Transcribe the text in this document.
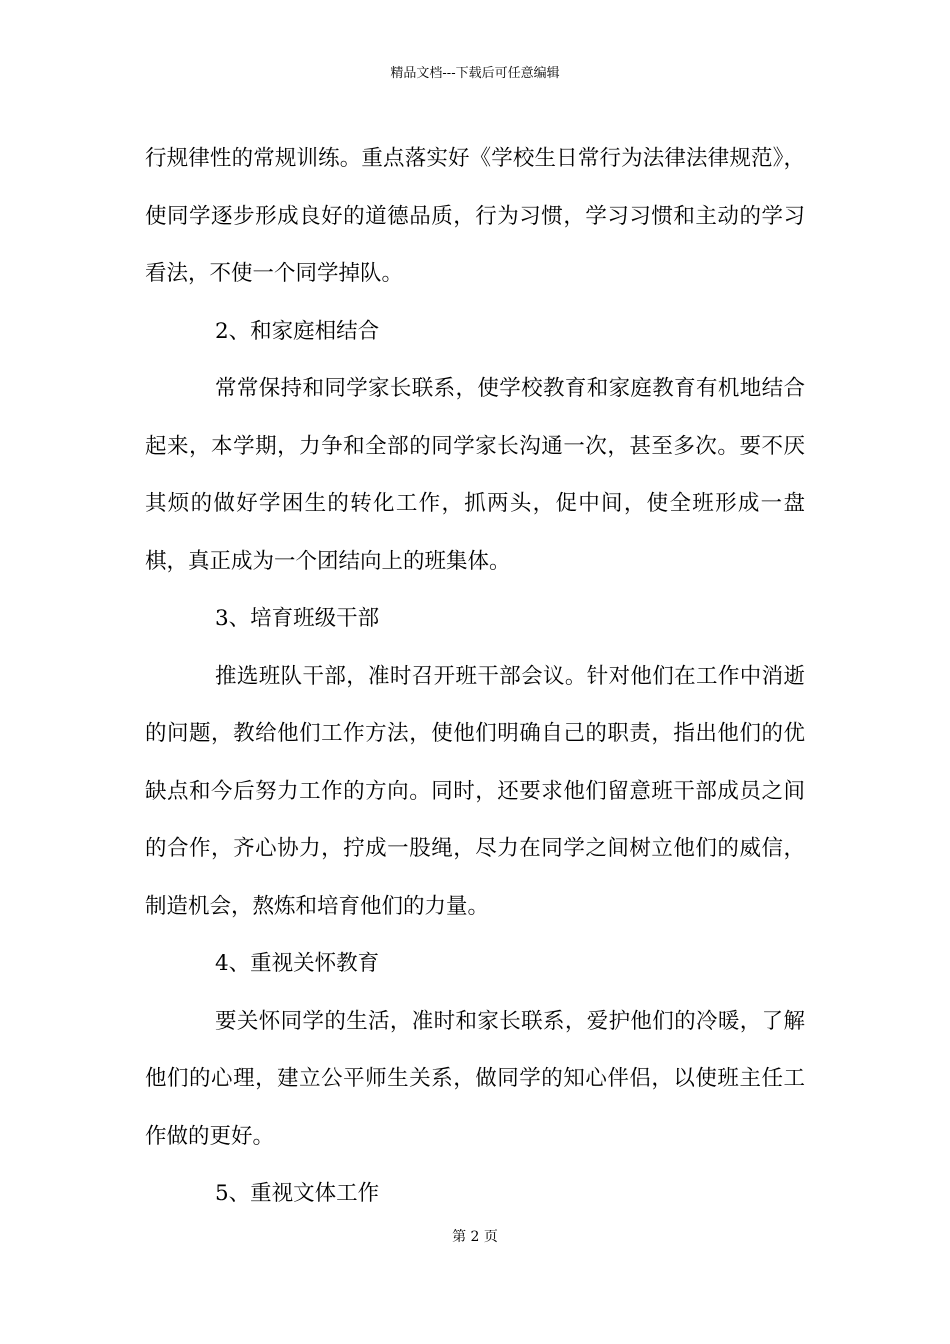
精品文档---下载后可任意编辑

行规律性的常规训练。重点落实好《学校生日常行为法律法律规范》，使同学逐步形成良好的道德品质，行为习惯，学习习惯和主动的学习看法，不使一个同学掉队。

2、和家庭相结合

常常保持和同学家长联系，使学校教育和家庭教育有机地结合起来，本学期，力争和全部的同学家长沟通一次，甚至多次。要不厌其烦的做好学困生的转化工作，抓两头，促中间，使全班形成一盘棋，真正成为一个团结向上的班集体。

3、培育班级干部

推选班队干部，准时召开班干部会议。针对他们在工作中消逝的问题，教给他们工作方法，使他们明确自己的职责，指出他们的优缺点和今后努力工作的方向。同时，还要求他们留意班干部成员之间的合作，齐心协力，拧成一股绳，尽力在同学之间树立他们的威信，制造机会，熬炼和培育他们的力量。

4、重视关怀教育

要关怀同学的生活，准时和家长联系，爱护他们的冷暖，了解他们的心理，建立公平师生关系，做同学的知心伴侣，以使班主任工作做的更好。

5、重视文体工作

第 2 页
